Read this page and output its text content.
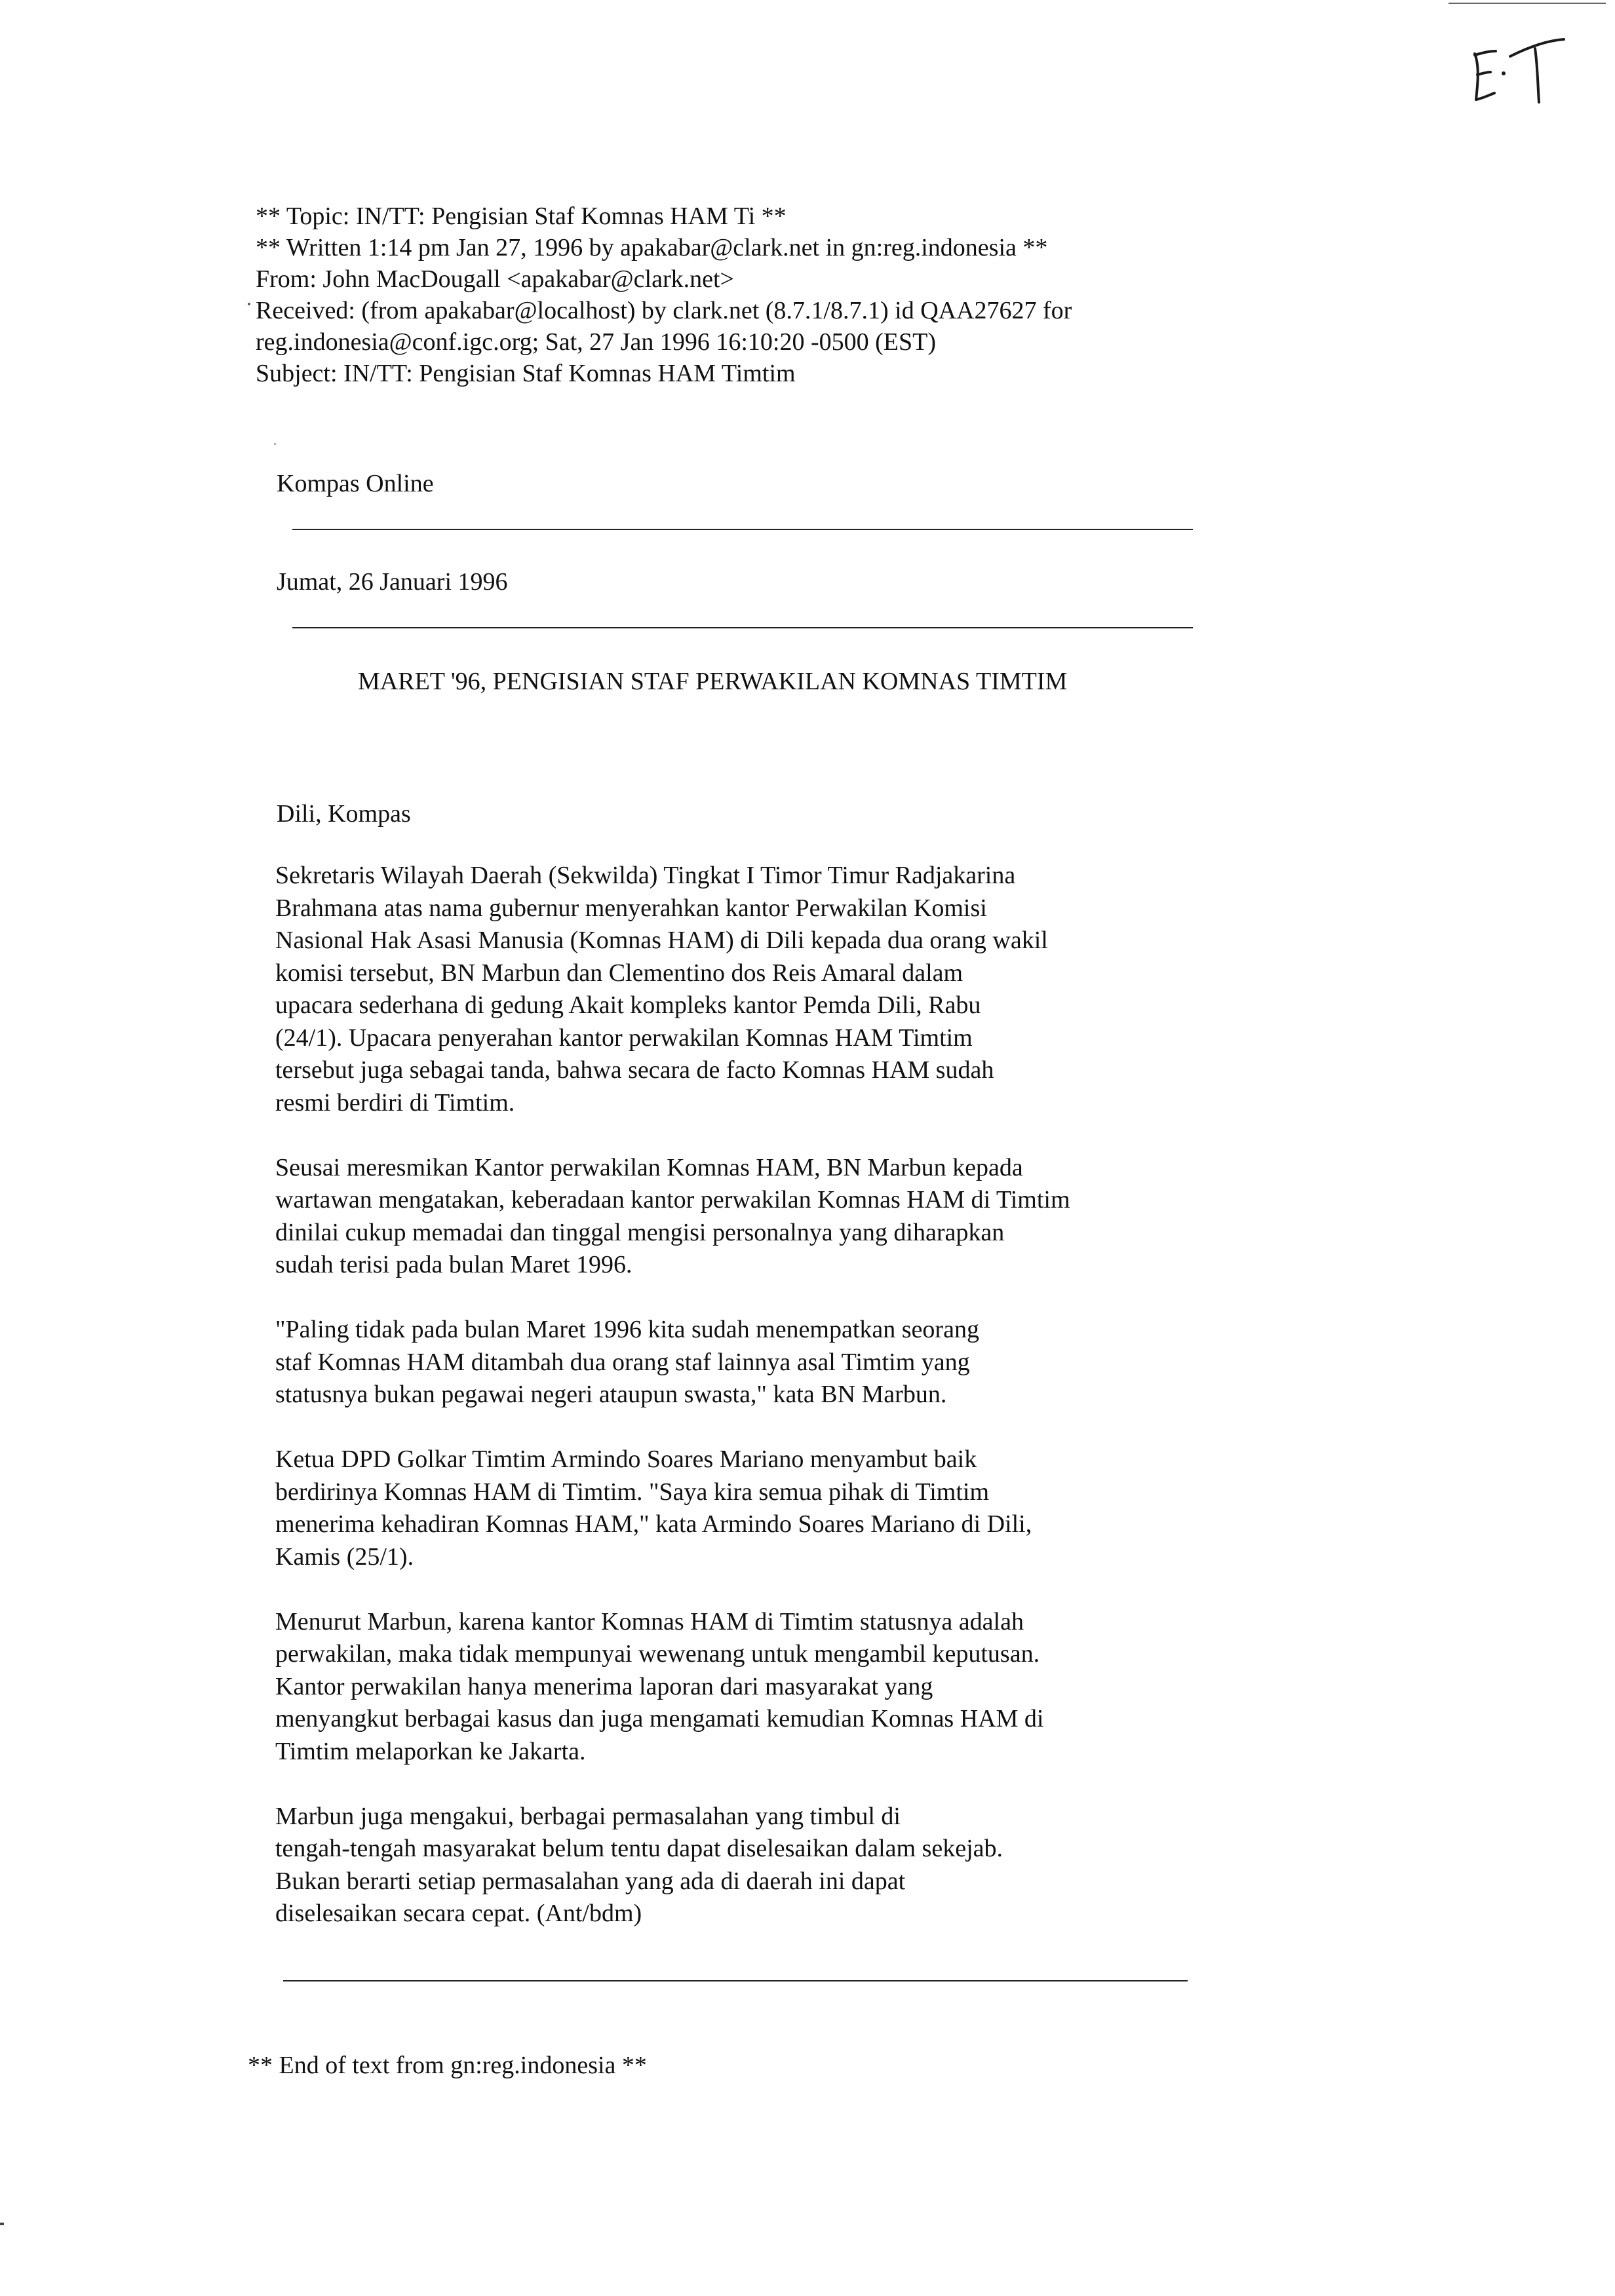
** Topic: IN/TT: Pengisian Staf Komnas HAM Ti **
** Written 1:14 pm Jan 27, 1996 by apakabar@clark.net in gn:reg.indonesia **
From: John MacDougall <apakabar@clark.net>
Received: (from apakabar@localhost) by clark.net (8.7.1/8.7.1) id QAA27627 for
reg.indonesia@conf.igc.org; Sat, 27 Jan 1996 16:10:20 -0500 (EST)
Subject: IN/TT: Pengisian Staf Komnas HAM Timtim
Kompas Online
Jumat, 26 Januari 1996
MARET '96, PENGISIAN STAF PERWAKILAN KOMNAS TIMTIM
Dili, Kompas

Sekretaris Wilayah Daerah (Sekwilda) Tingkat I Timor Timur Radjakarina
Brahmana atas nama gubernur menyerahkan kantor Perwakilan Komisi
Nasional Hak Asasi Manusia (Komnas HAM) di Dili kepada dua orang wakil
komisi tersebut, BN Marbun dan Clementino dos Reis Amaral dalam
upacara sederhana di gedung Akait kompleks kantor Pemda Dili, Rabu
(24/1). Upacara penyerahan kantor perwakilan Komnas HAM Timtim
tersebut juga sebagai tanda, bahwa secara de facto Komnas HAM sudah
resmi berdiri di Timtim.

Seusai meresmikan Kantor perwakilan Komnas HAM, BN Marbun kepada
wartawan mengatakan, keberadaan kantor perwakilan Komnas HAM di Timtim
dinilai cukup memadai dan tinggal mengisi personalnya yang diharapkan
sudah terisi pada bulan Maret 1996.

"Paling tidak pada bulan Maret 1996 kita sudah menempatkan seorang
staf Komnas HAM ditambah dua orang staf lainnya asal Timtim yang
statusnya bukan pegawai negeri ataupun swasta," kata BN Marbun.

Ketua DPD Golkar Timtim Armindo Soares Mariano menyambut baik
berdirinya Komnas HAM di Timtim. "Saya kira semua pihak di Timtim
menerima kehadiran Komnas HAM," kata Armindo Soares Mariano di Dili,
Kamis (25/1).

Menurut Marbun, karena kantor Komnas HAM di Timtim statusnya adalah
perwakilan, maka tidak mempunyai wewenang untuk mengambil keputusan.
Kantor perwakilan hanya menerima laporan dari masyarakat yang
menyangkut berbagai kasus dan juga mengamati kemudian Komnas HAM di
Timtim melaporkan ke Jakarta.

Marbun juga mengakui, berbagai permasalahan yang timbul di
tengah-tengah masyarakat belum tentu dapat diselesaikan dalam sekejab.
Bukan berarti setiap permasalahan yang ada di daerah ini dapat
diselesaikan secara cepat. (Ant/bdm)

** End of text from gn:reg.indonesia **
